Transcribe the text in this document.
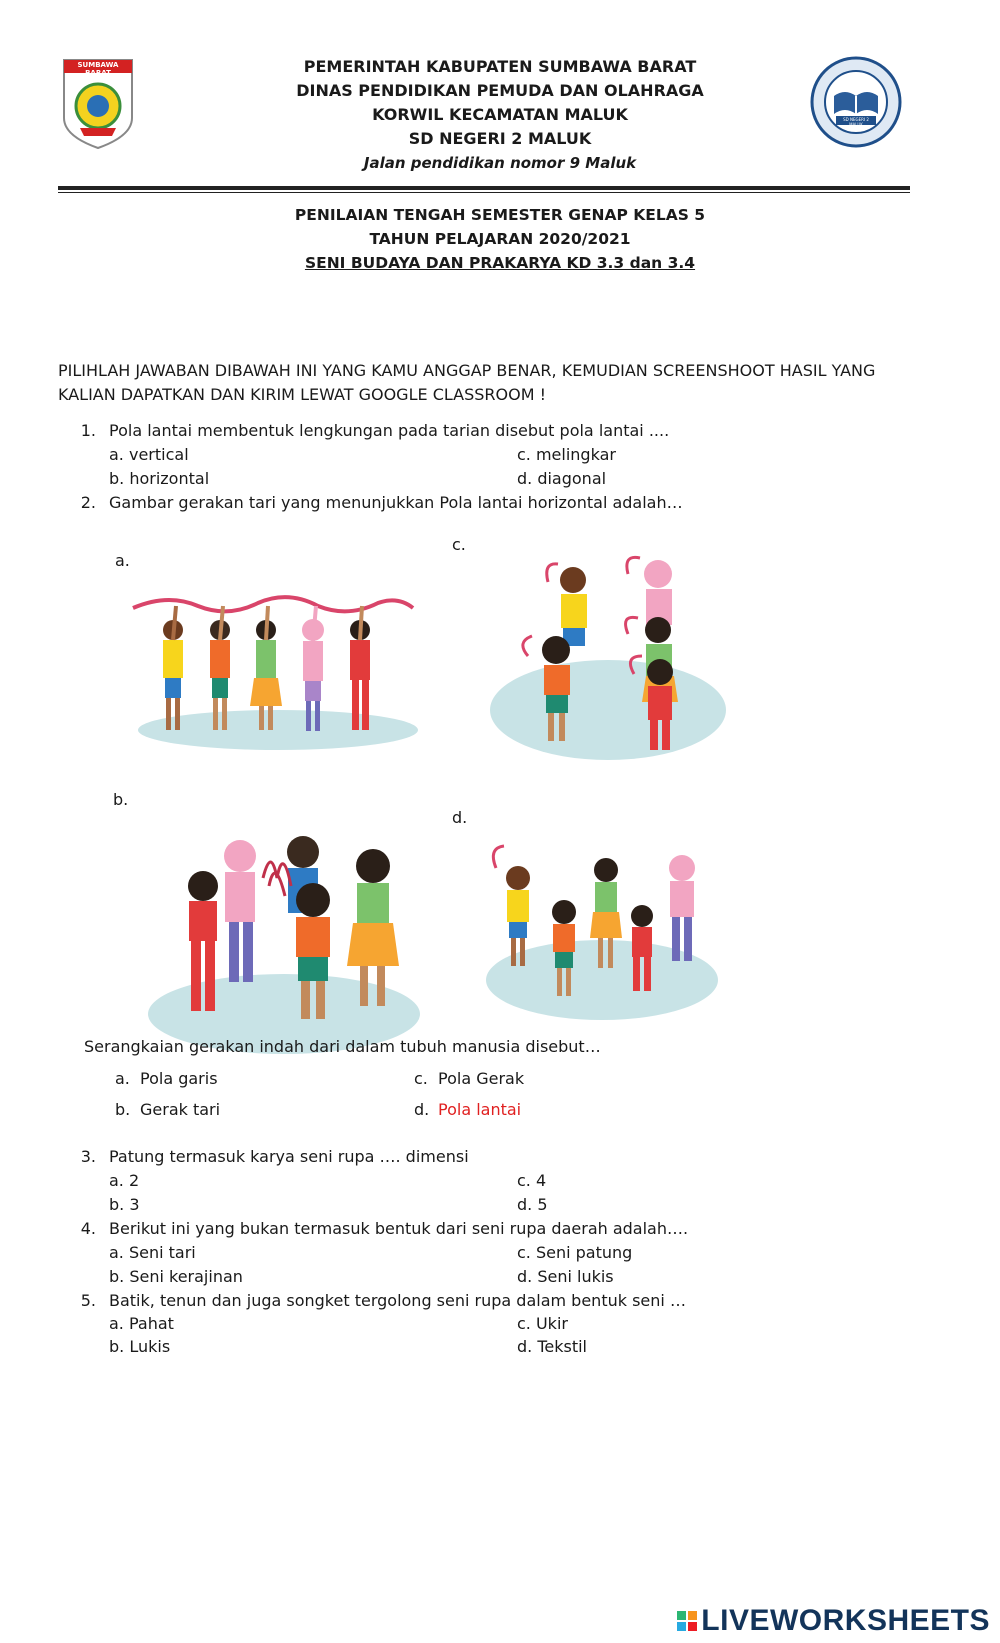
SUMBAWA BARAT	PEMERINTAH KABUPATEN SUMBAWA BARAT
DINAS PENDIDIKAN PEMUDA DAN OLAHRAGA
KORWIL KECAMATAN MALUK
SD NEGERI 2 MALUK
Jalan pendidikan nomor 9 Maluk
SD NEGERI 2 MALUK
PENILAIAN TENGAH SEMESTER GENAP KELAS 5
TAHUN PELAJARAN 2020/2021
SENI BUDAYA DAN PRAKARYA KD 3.3 dan 3.4
PILIHLAH JAWABAN DIBAWAH INI YANG KAMU ANGGAP BENAR, KEMUDIAN SCREENSHOOT HASIL YANG
KALIAN DAPATKAN DAN KIRIM LEWAT GOOGLE CLASSROOM !
1. Pola lantai membentuk lengkungan pada tarian disebut pola lantai ....
a. vertical
b. horizontal
c. melingkar
d. diagonal
2. Gambar gerakan tari yang menunjukkan Pola lantai horizontal adalah…
a.
c.
b.
d.
Serangkaian gerakan indah dari dalam tubuh manusia disebut…
a. Pola garis
b. Gerak tari
c. Pola Gerak
d. Pola lantai
3. Patung termasuk karya seni rupa …. dimensi
a. 2
b. 3
c. 4
d. 5
4. Berikut ini yang bukan termasuk bentuk dari seni rupa daerah adalah….
a. Seni tari
b. Seni kerajinan
c. Seni patung
d. Seni lukis
5. Batik, tenun dan juga songket tergolong seni rupa dalam bentuk seni …
a. Pahat
b. Lukis
c. Ukir
d. Tekstil
LIVEWORKSHEETS
